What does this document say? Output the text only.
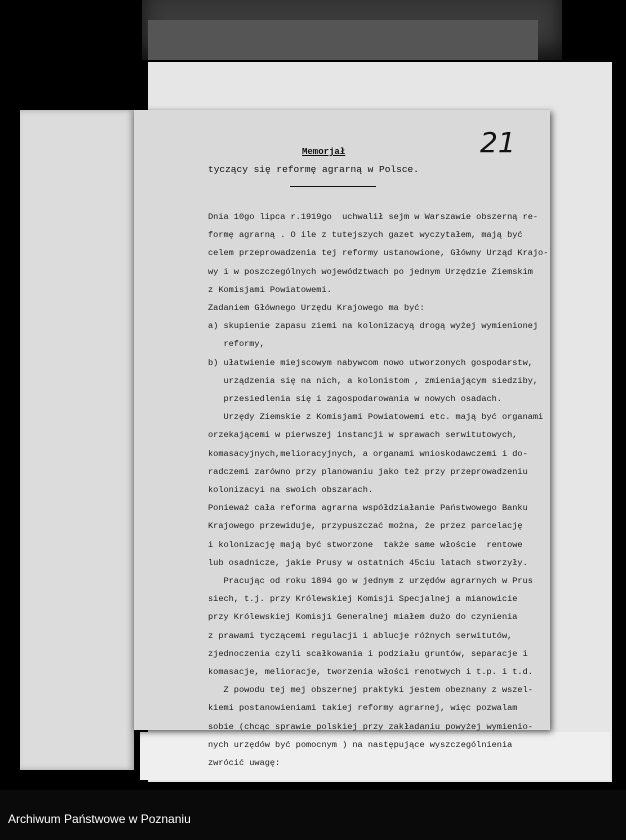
21
Memorjał
tyczący się reformę agrarną w Polsce.
Dnia 10go lipca r.1919go  uchwalił sejm w Warszawie obszerną re-
formę agrarną . O ile z tutejszych gazet wyczytałem, mają być
celem przeprowadzenia tej reformy ustanowione, Główny Urząd Krajo-
wy i w poszczególnych województwach po jednym Urzędzie Ziemskim
z Komisjami Powiatowemi.
Zadaniem Głównego Urzędu Krajowego ma być:
a) skupienie zapasu ziemi na kolonizacyą drogą wyżej wymienionej
reformy,
b) ułatwienie miejscowym nabywcom nowo utworzonych gospodarstw,
urządzenia się na nich, a kolonistom , zmieniającym siedziby,
przesiedlenia się i zagospodarowania w nowych osadach.
Urzędy Ziemskie z Komisjami Powiatowemi etc. mają być organami
orzekającemi w pierwszej instancji w sprawach serwitutowych,
komasacyjnych,melioracyjnych, a organami wnioskodawczemi i do-
radczemi zarówno przy planowaniu jako też przy przeprowadzeniu
kolonizacyi na swoich obszarach.
Ponieważ cała reforma agrarna współdziałanie Państwowego Banku
Krajowego przewiduje, przypuszczać można, że przez parcelację
i kolonizację mają być stworzone  także same włoście  rentowe
lub osadnicze, jakie Prusy w ostatnich 45ciu latach stworzyły.
Pracując od roku 1894 go w jednym z urzędów agrarnych w Prus
siech, t.j. przy Królewskiej Komisji Specjalnej a mianowicie
przy Królewskiej Komisji Generalnej miałem dużo do czynienia
z prawami tyczącemi regulacji i ablucje różnych serwitutów,
zjednoczenia czyli scałkowania i podziału gruntów, separacje i
komasacje, melioracje, tworzenia włości renotwych i t.p. i t.d.
Z powodu tej mej obszernej praktyki jestem obeznany z wszel-
kiemi postanowieniami takiej reformy agrarnej, więc pozwalam
sobie (chcąc sprawie polskiej przy zakładaniu powyżej wymienio-
nych urzędów być pomocnym ) na następujące wyszczególnienia
zwrócić uwagę:
Archiwum Państwowe w Poznaniu
